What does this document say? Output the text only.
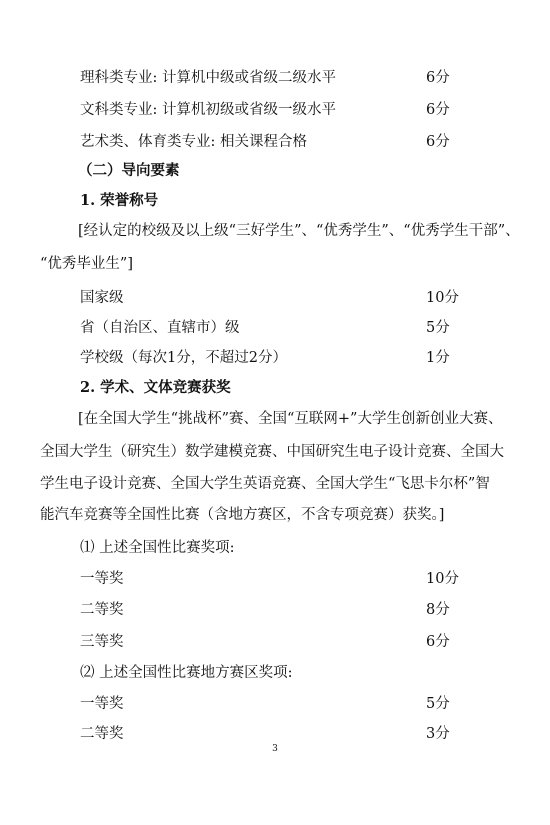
理科类专业: 计算机中级或省级二级水平	6分
文科类专业: 计算机初级或省级一级水平	6分
艺术类、体育类专业: 相关课程合格	6分
（二）导向要素
1. 荣誉称号
[经认定的校级及以上级“三好学生”、“优秀学生”、“优秀学生干部”、
“优秀毕业生”]
国家级	10分
省（自治区、直辖市）级	5分
学校级（每次1分，不超过2分）	1分
2. 学术、文体竞赛获奖
[在全国大学生“挑战杯”赛、全国“互联网+”大学生创新创业大赛、
全国大学生（研究生）数学建模竞赛、中国研究生电子设计竞赛、全国大
学生电子设计竞赛、全国大学生英语竞赛、全国大学生“飞思卡尔杯”智
能汽车竞赛等全国性比赛（含地方赛区，不含专项竞赛）获奖。]
⑴ 上述全国性比赛奖项:
一等奖	10分
二等奖	8分
三等奖	6分
⑵ 上述全国性比赛地方赛区奖项:
一等奖	5分
二等奖	3分
3
